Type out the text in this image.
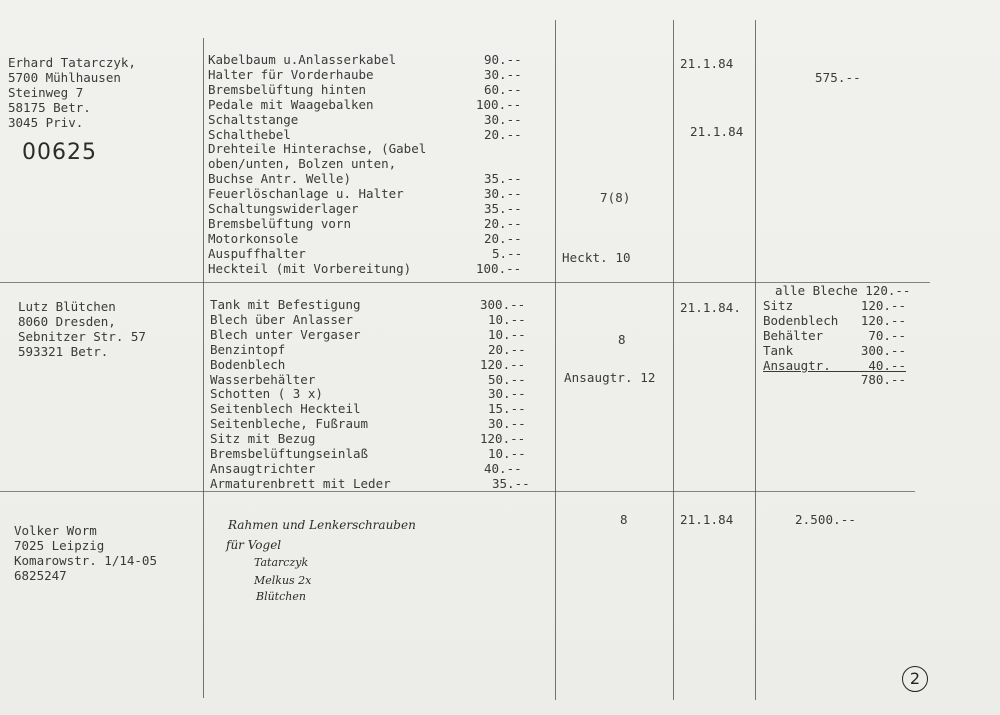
Erhard Tatarczyk,
5700 Mühlhausen
Steinweg 7
58175 Betr.
3045 Priv.
00625
Kabelbaum u.Anlasserkabel
Halter für Vorderhaube
Bremsbelüftung hinten
Pedale mit Waagebalken
Schaltstange
Schalthebel
Drehteile Hinterachse, (Gabel
oben/unten, Bolzen unten,
Buchse Antr. Welle)
Feuerlöschanlage u. Halter
Schaltungswiderlager
Bremsbelüftung vorn
Motorkonsole
Auspuffhalter
Heckteil (mit Vorbereitung)
90.--
30.--
60.--
100.--
30.--
20.--

35.--
30.--
35.--
20.--
20.--
5.--
100.--
7(8)
Heckt. 10
21.1.84
21.1.84
575.--
Lutz Blütchen
8060 Dresden,
Sebnitzer Str. 57
593321 Betr.
Tank mit Befestigung
Blech über Anlasser
Blech unter Vergaser
Benzintopf
Bodenblech
Wasserbehälter
Schotten ( 3 x)
Seitenblech Heckteil
Seitenbleche, Fußraum
Sitz mit Bezug
Bremsbelüftungseinlaß
Ansaugtrichter
Armaturenbrett mit Leder
300.--
10.--
10.--
20.--
120.--
50.--
30.--
15.--
30.--
120.--
10.--
40.--
35.--
8
Ansaugtr. 12
21.1.84.
alle Bleche 120.--
Sitz         120.--
Bodenblech   120.--
Behälter      70.--
Tank         300.--
Ansaugtr.     40.--
780.--
Volker Worm
7025 Leipzig
Komarowstr. 1/14-05
6825247
Rahmen und Lenkerschrauben
für Vogel
Tatarczyk
Melkus 2x
Blütchen
8	21.1.84	2.500.--
2
